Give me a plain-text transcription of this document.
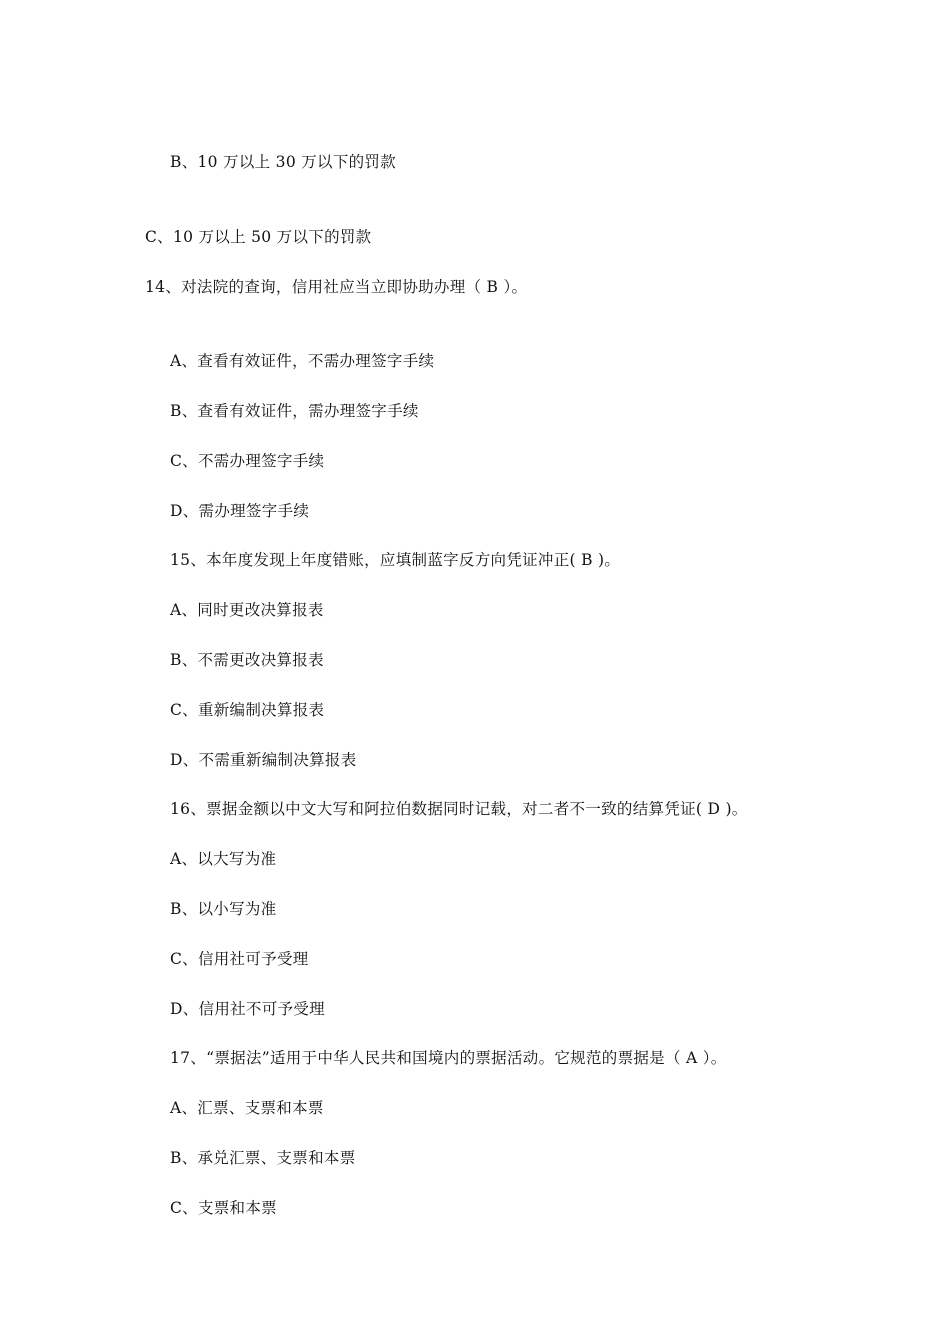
B、10 万以上 30 万以下的罚款
C、10 万以上 50 万以下的罚款
14、对法院的查询，信用社应当立即协助办理（ B ）。
A、查看有效证件，不需办理签字手续
B、查看有效证件，需办理签字手续
C、不需办理签字手续
D、需办理签字手续
15、本年度发现上年度错账，应填制蓝字反方向凭证冲正( B )。
A、同时更改决算报表
B、不需更改决算报表
C、重新编制决算报表
D、不需重新编制决算报表
16、票据金额以中文大写和阿拉伯数据同时记载，对二者不一致的结算凭证( D )。
A、以大写为准
B、以小写为准
C、信用社可予受理
D、信用社不可予受理
17、“票据法”适用于中华人民共和国境内的票据活动。它规范的票据是（ A ）。
A、汇票、支票和本票
B、承兑汇票、支票和本票
C、支票和本票
